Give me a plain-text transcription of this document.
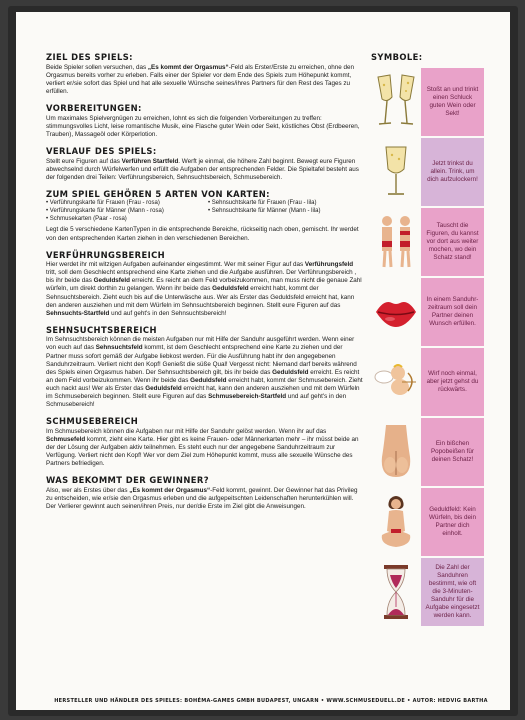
ZIEL DES SPIELS:

Beide Spieler sollen versuchen, das „Es kommt der Orgasmus“-Feld als Erster/Erste zu erreichen, ohne den Orgasmus bereits vorher zu erleben. Falls einer der Spieler vor dem Ende des Spiels zum Höhepunkt kommt, verliert er/sie sofort das Spiel und hat alle sexuelle Wünsche seines/ihres Partners für den Rest des Tages zu erfüllen.

VORBEREITUNGEN:

Um maximales Spielvergnügen zu erreichen, lohnt es sich die folgenden Vorbereitungen zu treffen: stimmungsvolles Licht, leise romantische Musik, eine Flasche guter Wein oder Sekt, köstliches Obst (Erdbeeren, Trauben), Massageöl oder Körperlotion.

VERLAUF DES SPIELS:

Stellt eure Figuren auf das Verführen Startfeld. Werft je einmal, die höhere Zahl beginnt. Bewegt eure Figuren abwechselnd durch Würfelwerfen und erfüllt die Aufgaben der entsprechenden Felder. Die Spieltafel besteht aus der folgenden drei Teilen: Verführungsbereich, Sehnsuchtsbereich, Schmusebereich.

ZUM SPIEL GEHÖREN 5 ARTEN VON KARTEN:
• Verführungskarte für Frauen (Frau - rosa)	• Sehnsuchtskarte für Frauen (Frau - lila)
• Verführungskarte für Männer (Mann - rosa)	• Sehnsuchtskarte für Männer (Mann - lila)
• Schmusekarten (Paar - rosa)

Legt die 5 verschiedene KartenTypen in die entsprechende Bereiche, rückseitig nach oben, gemischt. Ihr werdet von den entsprechenden Karten ziehen in den verschiedenen Bereichen.

VERFÜHRUNGSBEREICH

Hier werdet ihr mit witzigen Aufgaben aufeinander eingestimmt. Wer mit seiner Figur auf das Verführungsfeld tritt, soll dem Geschlecht entsprechend eine Karte ziehen und die Aufgabe ausführen. Der Verführungsbereich , bis ihr beide das Geduldsfeld erreicht. Es reicht an dem Feld vorbeizukommen, man muss nicht die genaue Zahl würfeln, um direkt dorthin zu gelangen. Wenn ihr beide das Geduldsfeld erreicht habt, kommt der Sehnsuchtsbereich. Zieht euch bis auf die Unterwäsche aus. Wer als Erster das Geduldsfeld erreicht hat, kann den anderen ausziehen und mit dem Würfeln im Sehnsuchtsbereich beginnen. Stellt eure Figuren auf das Sehnsuchts-Startfeld und auf geht's in den Sehnsuchtsbereich!

SEHNSUCHTSBEREICH

Im Sehnsuchtsbereich können die meisten Aufgaben nur mit Hilfe der Sanduhr ausgeführt werden. Wenn einer von euch auf das Sehnsuchtsfeld kommt, ist dem Geschlecht entsprechend eine Karte zu ziehen und der Partner muss sofort gemäß der Aufgabe liebkost werden. Für die Ausführung habt ihr den angegebenen Sanduhrzeitraum. Verliert nicht den Kopf! Genießt die süße Qual! Vergesst nicht: Niemand darf bereits während des Spiels einen Orgasmus haben. Der Sehnsuchtsbereich gilt, bis ihr beide das Geduldsfeld erreicht. Es reicht an dem Feld vorbeizukommen. Wenn ihr beide das Geduldsfeld erreicht habt, kommt der Schmusebereich. Zieht euch nackt aus! Wer als Erster das Geduldsfeld erreicht hat, kann den anderen ausziehen und mit dem Würfeln im Schmusebereich beginnen. Stellt eure Figuren auf das Schmusebereich-Startfeld und auf geht's in den Schmusebereich!

SCHMUSEBEREICH

Im Schmusebereich können die Aufgaben nur mit Hilfe der Sanduhr gelöst werden. Wenn ihr auf das Schmusefeld kommt, zieht eine Karte. Hier gibt es keine Frauen- oder Männerkarten mehr – ihr müsst beide an der der Lösung der Aufgaben aktiv teilnehmen. Es steht euch nur der angegebene Sanduhrzeitraum zur Verfügung. Verliert nicht den Kopf! Wer vor dem Ziel zum Höhepunkt kommt, muss alle sexuelle Wünsche des Partners befriedigen.

WAS BEKOMMT DER GEWINNER?

Also, wer als Erstes über das „Es kommt der Orgasmus“-Feld kommt, gewinnt. Der Gewinner hat das Privileg zu entscheiden, wie er/sie den Orgasmus erleben und die aufgepeitschten Leidenschaften herunterkühlen will. Der Verlierer gewinnt auch seinen/ihren Preis, nur der/die Erste im Ziel gibt die Anweisungen.

SYMBOLE:
Stoßt an und trinkt einen Schluck guten Wein oder Sekt!
Jetzt trinkst du allein. Trink, um dich aufzulockern!
Tauscht die Figuren, du kannst vor dort aus weiter mochen, wo dein Schatz stand!
In einem Sanduhr-zeitraum soll dein Partner deinen Wunsch erfüllen.
Wirf noch einmal, aber jetzt gehst du rückwärts.
Ein bißchen Popobeißen für deinen Schatz!
Geduldfeld: Kein Würfeln, bis dein Partner dich einholt.
Die Zahl der Sanduhren bestimmt, wie oft die 3-Minuten-Sanduhr für die Aufgabe eingesetzt werden kann.
HERSTELLER UND HÄNDLER DES SPIELES: BOHÉMA-GAMES GMBH BUDAPEST, UNGARN • WWW.SCHMUSEDUELL.DE • AUTOR: HEDVIG BARTHA
